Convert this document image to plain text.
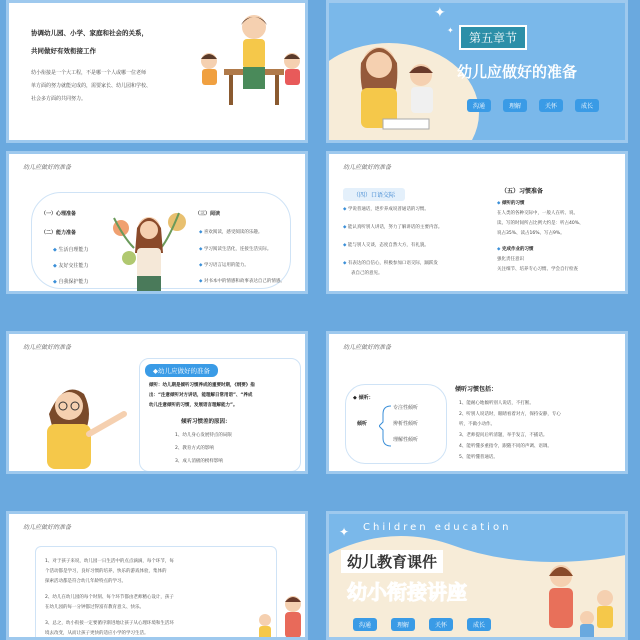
协调幼儿园、小学、家庭和社会的关系，
共同做好有效衔接工作
幼小衔接是一个大工程，不是哪一个人或哪一位老师
单方面的努力就能完成的，需要家长、幼儿园和学校、
社会多方面的共同努力。
✦
✦
第五章节
幼儿应做好的准备
沟通	理解	关怀	成长
幼儿应做好的准备
（一）心理准备
（二）能力准备
◆ 生活自理能力
◆ 友好交往能力
◆ 自我保护能力
（三）阅读
◆ 喜欢阅读，感受阅读的乐趣。
◆ 学习阅读生活化，连接生活实际。
◆ 学习语言运用的能力。
◆ 对书本中的情感和故事表达自己的情感。
幼儿应做好的准备
（四）口语交际
◆ 学说普通话，逐步养成说普通话的习惯。
◆ 能认真听别人讲话，努力了解讲话的主要内容。
◆ 能与别人交谈，态度自然大方，有礼貌。
◆ 有表达的自信心，积极参加口语交际，踊跃发
表自己的意见。
（五）习惯准备
◆ 倾听的习惯
在人类的各种交际中，一般人在听、说、
读、写的时间所占比例大约是：听占40%、
说占35%、读占16%、写占9%。
◆ 完成作业的习惯
强化责任意识
关注细节、培养专心习惯、学会自行检查
幼儿应做好的准备
◆幼儿应做好的准备
倾听：幼儿期是倾听习惯养成的重要时期，《纲要》指
出：“注意倾听对方讲话，能理解日常用语”、“养成
幼儿注意倾听的习惯，发展语言理解能力”。
倾听习惯差的原因：
1、幼儿身心发展特点的局限
2、教育方式的影响
3、成人消极的榜样影响
幼儿应做好的准备
◆ 倾听：
倾听
专注性倾听
辨析性倾听
理解性倾听
倾听习惯包括：
1、能耐心地倾听别人说话，不打断。
2、听别人说话时，眼睛看着对方，保持安静，专心
听，不做小动作。
3、老师提问后听清题，举手发言，不插话。
4、能听懂多重指令，跟随不同的声调、语调。
5、能听懂普通话。
幼儿应做好的准备
1、对于孩子来说，幼儿园一日生活中的点点滴滴，每个环节，每
个活动都是学习，良好习惯的培养，快乐的游戏体验，集体的
探索活动都是符合幼儿年龄特点的学习。
2、幼儿在幼儿园的每个时刻、每个环节都由老师精心设计，孩子
在幼儿园的每一分钟都过得富有教育意义、快乐。
3、总之，幼小衔接一定要循序渐进地让孩子从心理环境和生活环
境去改变，从而让孩子更快的适应小学的学习生活。
✦ Children education
幼儿教育课件
幼小衔接讲座
沟通	理解	关怀	成长
